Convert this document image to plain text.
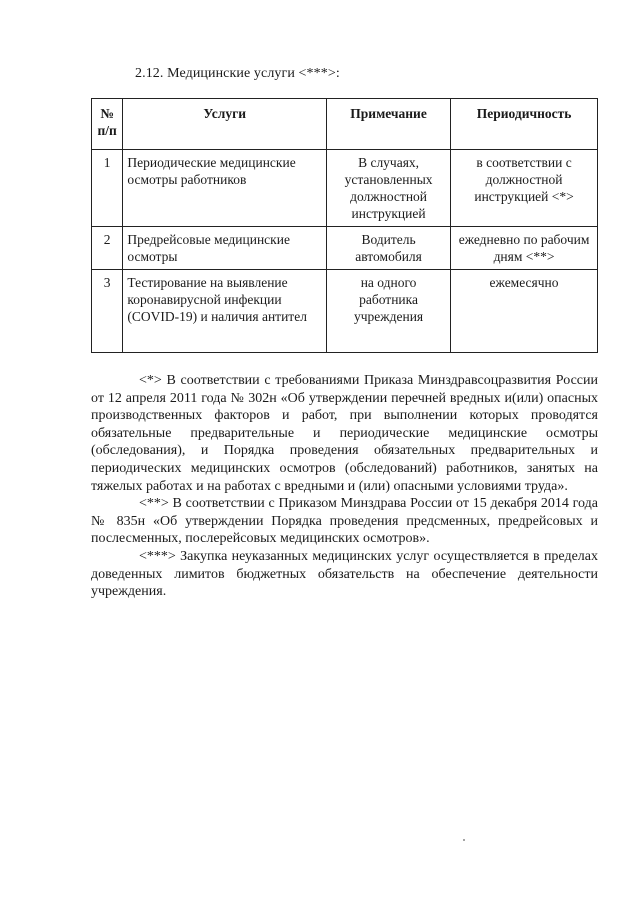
2.12. Медицинские услуги <***>:
№
п/п	Услуги	Примечание	Периодичность
1	Периодические медицинские осмотры работников	В случаях, установленных должностной инструкцией	в соответствии с должностной инструкцией <*>
2	Предрейсовые медицинские осмотры	Водитель автомобиля	ежедневно по рабочим дням <**>
3	Тестирование на выявление коронавирусной инфекции (COVID-19) и наличия антител	на одного работника учреждения	ежемесячно

<*> В соответствии с требованиями Приказа Минздравсоцразвития России от 12 апреля 2011 года № 302н «Об утверждении перечней вредных и(или) опасных производственных факторов и работ, при выполнении которых проводятся обязательные предварительные и периодические медицинские осмотры (обследования), и Порядка проведения обязательных предварительных и периодических медицинских осмотров (обследований) работников, занятых на тяжелых работах и на работах с вредными и (или) опасными условиями труда».

<**> В соответствии с Приказом Минздрава России от 15 декабря 2014 года № 835н «Об утверждении Порядка проведения предсменных, предрейсовых и послесменных, послерейсовых медицинских осмотров».

<***> Закупка неуказанных медицинских услуг осуществляется в пределах доведенных лимитов бюджетных обязательств на обеспечение деятельности учреждения.
